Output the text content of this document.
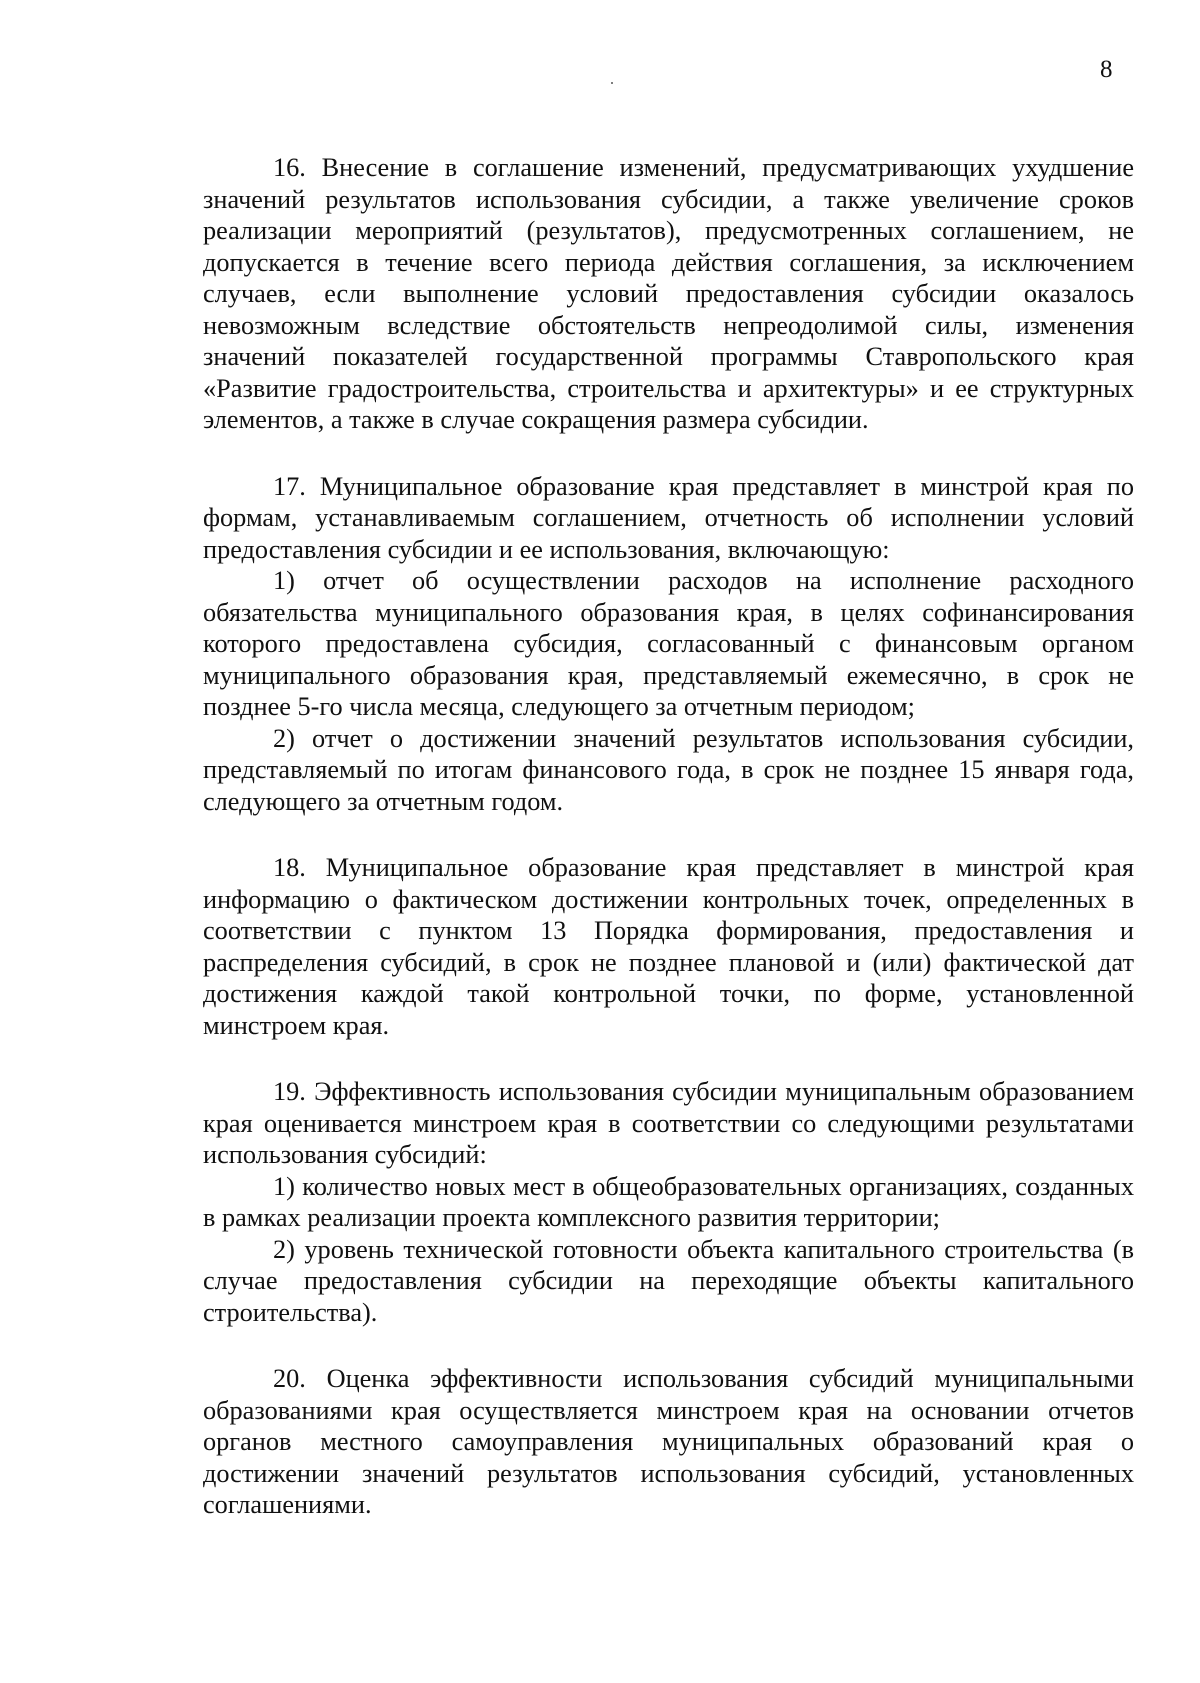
8

16. Внесение в соглашение изменений, предусматривающих ухудшение значений результатов использования субсидии, а также увеличение сроков реализации мероприятий (результатов), предусмотренных соглашением, не допускается в течение всего периода действия соглашения, за исключением случаев, если выполнение условий предоставления субсидии оказалось невозможным вследствие обстоятельств непреодолимой силы, изменения значений показателей государственной программы Ставропольского края «Развитие градостроительства, строительства и архитектуры» и ее структурных элементов, а также в случае сокращения размера субсидии.

17. Муниципальное образование края представляет в минстрой края по формам, устанавливаемым соглашением, отчетность об исполнении условий предоставления субсидии и ее использования, включающую:

1) отчет об осуществлении расходов на исполнение расходного обязательства муниципального образования края, в целях софинансирования которого предоставлена субсидия, согласованный с финансовым органом муниципального образования края, представляемый ежемесячно, в срок не позднее 5-го числа месяца, следующего за отчетным периодом;

2) отчет о достижении значений результатов использования субсидии, представляемый по итогам финансового года, в срок не позднее 15 января года, следующего за отчетным годом.

18. Муниципальное образование края представляет в минстрой края информацию о фактическом достижении контрольных точек, определенных в соответствии с пунктом 13 Порядка формирования, предоставления и распределения субсидий, в срок не позднее плановой и (или) фактической дат достижения каждой такой контрольной точки, по форме, установленной минстроем края.

19. Эффективность использования субсидии муниципальным образованием края оценивается минстроем края в соответствии со следующими результатами использования субсидий:

1) количество новых мест в общеобразовательных организациях, созданных в рамках реализации проекта комплексного развития территории;

2) уровень технической готовности объекта капитального строительства (в случае предоставления субсидии на переходящие объекты капитального строительства).

20. Оценка эффективности использования субсидий муниципальными образованиями края осуществляется минстроем края на основании отчетов органов местного самоуправления муниципальных образований края о достижении значений результатов использования субсидий, установленных соглашениями.
